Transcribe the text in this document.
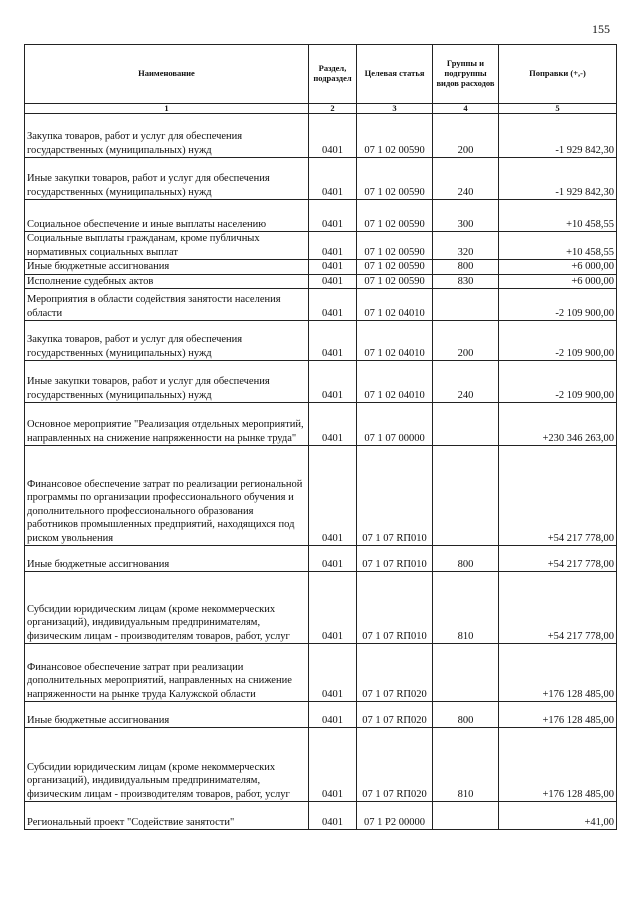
155
Наименование	Раздел, подраздел	Целевая статья	Группы и подгруппы видов расходов	Поправки (+,-)
1	2	3	4	5
Закупка товаров, работ и услуг для обеспечения государственных (муниципальных) нужд	0401	07 1 02 00590	200	-1 929 842,30
Иные закупки товаров, работ и услуг для обеспечения государственных (муниципальных) нужд	0401	07 1 02 00590	240	-1 929 842,30
Социальное обеспечение и иные выплаты населению	0401	07 1 02 00590	300	+10 458,55
Социальные выплаты гражданам, кроме публичных нормативных социальных выплат	0401	07 1 02 00590	320	+10 458,55
Иные бюджетные ассигнования	0401	07 1 02 00590	800	+6 000,00
Исполнение судебных актов	0401	07 1 02 00590	830	+6 000,00
Мероприятия в области содействия занятости населения области	0401	07 1 02 04010		-2 109 900,00
Закупка товаров, работ и услуг для обеспечения государственных (муниципальных) нужд	0401	07 1 02 04010	200	-2 109 900,00
Иные закупки товаров, работ и услуг для обеспечения государственных (муниципальных) нужд	0401	07 1 02 04010	240	-2 109 900,00
Основное мероприятие "Реализация отдельных мероприятий, направленных на снижение напряженности на рынке труда"	0401	07 1 07 00000		+230 346 263,00
Финансовое обеспечение затрат по реализации региональной программы по организации профессионального обучения и дополнительного профессионального образования работников промышленных предприятий, находящихся под риском увольнения	0401	07 1 07 RП010		+54 217 778,00
Иные бюджетные ассигнования	0401	07 1 07 RП010	800	+54 217 778,00
Субсидии юридическим лицам (кроме некоммерческих организаций), индивидуальным предпринимателям, физическим лицам - производителям товаров, работ, услуг	0401	07 1 07 RП010	810	+54 217 778,00
Финансовое обеспечение затрат при реализации дополнительных мероприятий, направленных на снижение напряженности на рынке труда Калужской области	0401	07 1 07 RП020		+176 128 485,00
Иные бюджетные ассигнования	0401	07 1 07 RП020	800	+176 128 485,00
Субсидии юридическим лицам (кроме некоммерческих организаций), индивидуальным предпринимателям, физическим лицам - производителям товаров, работ, услуг	0401	07 1 07 RП020	810	+176 128 485,00
Региональный проект "Содействие занятости"	0401	07 1 P2 00000		+41,00
